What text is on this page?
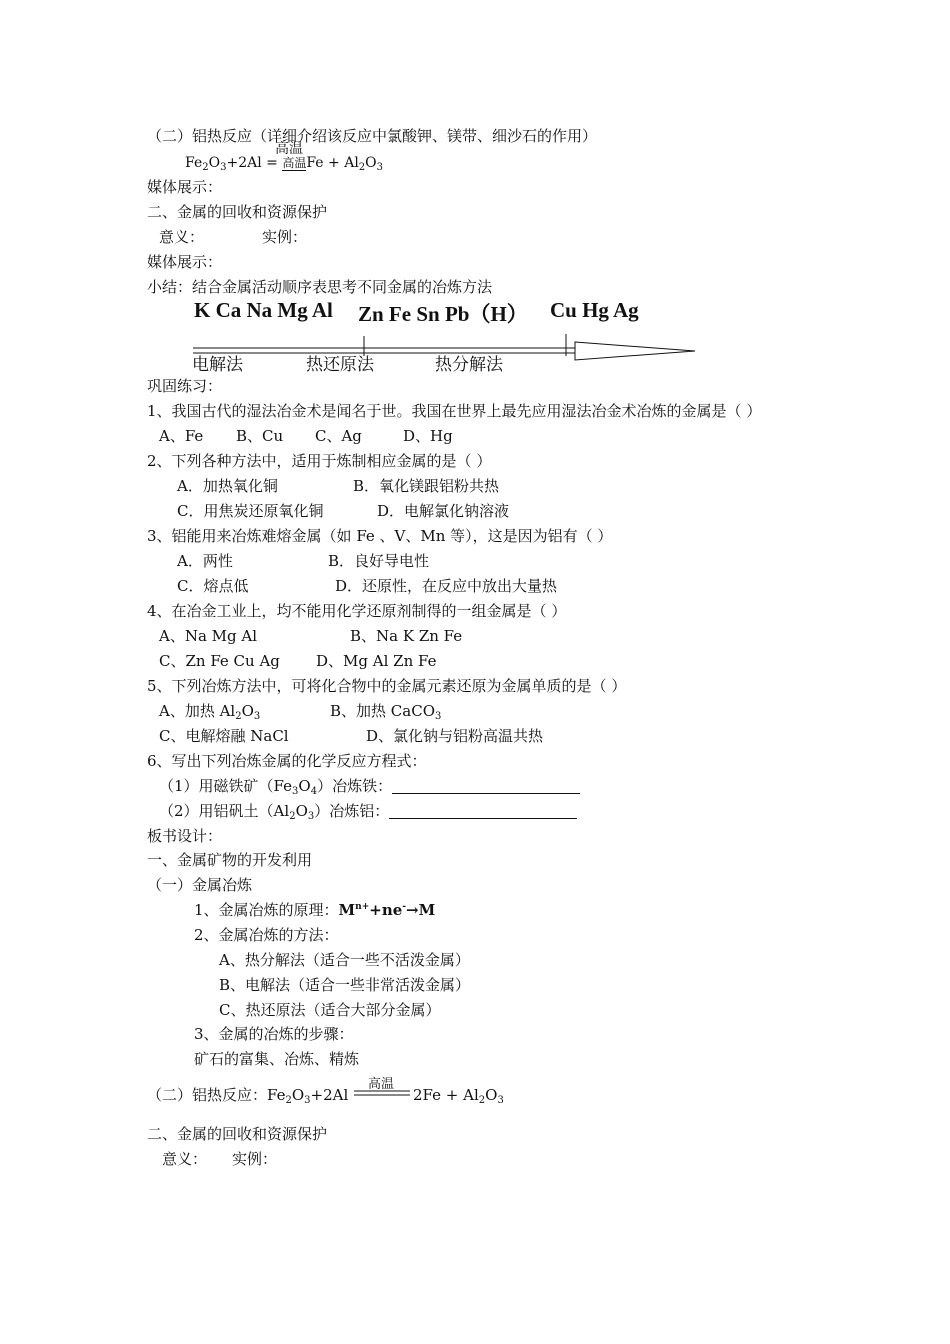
（二）铝热反应（详细介绍该反应中氯酸钾、镁带、细沙石的作用）
高温
$Fe_2O_3+2Al$ = 高温$Fe + Al_2O_3$
媒体展示：
二、金属的回收和资源保护
意义：	实例：
媒体展示：
小结：结合金属活动顺序表思考不同金属的冶炼方法
K Ca Na Mg Al Zn Fe Sn Pb（H） Cu Hg Ag
电解法	热还原法	热分解法
巩固练习：
1、我国古代的湿法冶金术是闻名于世。我国在世界上最先应用湿法冶金术冶炼的金属是（ ）
A、Fe B、Cu C、Ag	D、Hg
2、下列各种方法中，适用于炼制相应金属的是（ ）
A．加热氧化铜	B．氧化镁跟铝粉共热
C．用焦炭还原氧化铜	D．电解氯化钠溶液
3、铝能用来冶炼难熔金属（如 Fe 、V、Mn 等），这是因为铝有（ ）
A．两性	B．良好导电性
C．熔点低	D．还原性，在反应中放出大量热
4、在冶金工业上，均不能用化学还原剂制得的一组金属是（ ）
A、Na Mg Al	B、Na K Zn Fe
C、Zn Fe Cu Ag D、Mg Al Zn Fe
5、下列冶炼方法中，可将化合物中的金属元素还原为金属单质的是（ ）
A、加热 $Al_2O_3$	B、加热 CaCO$_3$
C、电解熔融 NaCl	D、氯化钠与铝粉高温共热
6、写出下列冶炼金属的化学反应方程式：
（1）用磁铁矿$(Fe_3O_4)$冶炼铁：
（2）用铝矾土$(Al_2O_3)$冶炼铝：
板书设计：
一、金属矿物的开发利用
（一）金属冶炼
1、金属冶炼的原理：$M^{n+}+ne^-\to M$
2、金属冶炼的方法：
A、热分解法（适合一些不活泼金属）
B、电解法（适合一些非常活泼金属）
C、热还原法（适合大部分金属）
3、金属的冶炼的步骤：
矿石的富集、冶炼、精炼
高温
（二）铝热反应：$Fe_2O_3+2Al$	$2Fe + Al_2O_3$
二、金属的回收和资源保护
意义： 实例：
